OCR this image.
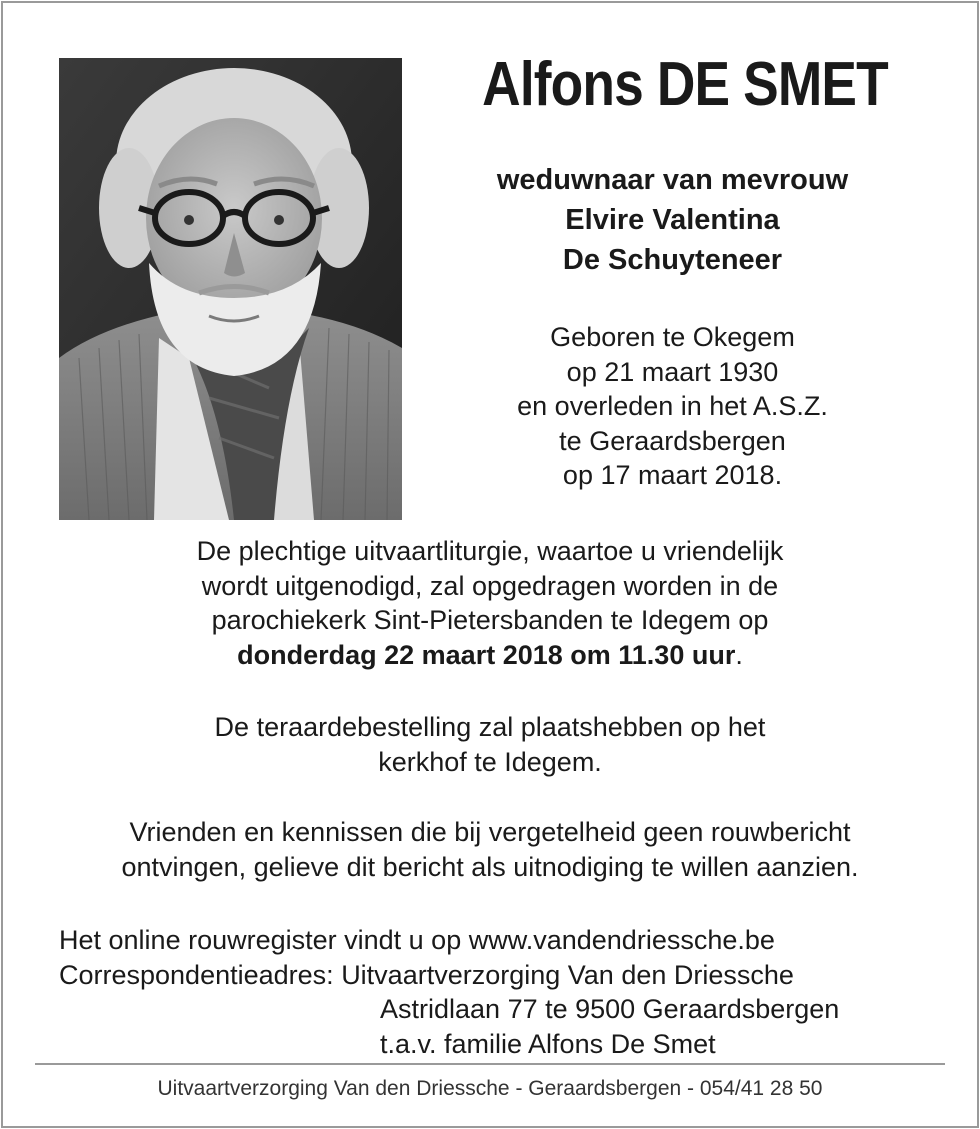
Alfons DE SMET
weduwnaar van mevrouw
Elvire Valentina
De Schuyteneer
Geboren te Okegem
op 21 maart 1930
en overleden in het A.S.Z.
te Geraardsbergen
op 17 maart 2018.
De plechtige uitvaartliturgie, waartoe u vriendelijk
wordt uitgenodigd, zal opgedragen worden in de
parochiekerk Sint-Pietersbanden te Idegem op
donderdag 22 maart 2018 om 11.30 uur.
De teraardebestelling zal plaatshebben op het
kerkhof te Idegem.
Vrienden en kennissen die bij vergetelheid geen rouwbericht
ontvingen, gelieve dit bericht als uitnodiging te willen aanzien.
Het online rouwregister vindt u op www.vandendriessche.be
Correspondentieadres: Uitvaartverzorging Van den Driessche
Astridlaan 77 te 9500 Geraardsbergen
t.a.v. familie Alfons De Smet
Uitvaartverzorging Van den Driessche - Geraardsbergen - 054/41 28 50
